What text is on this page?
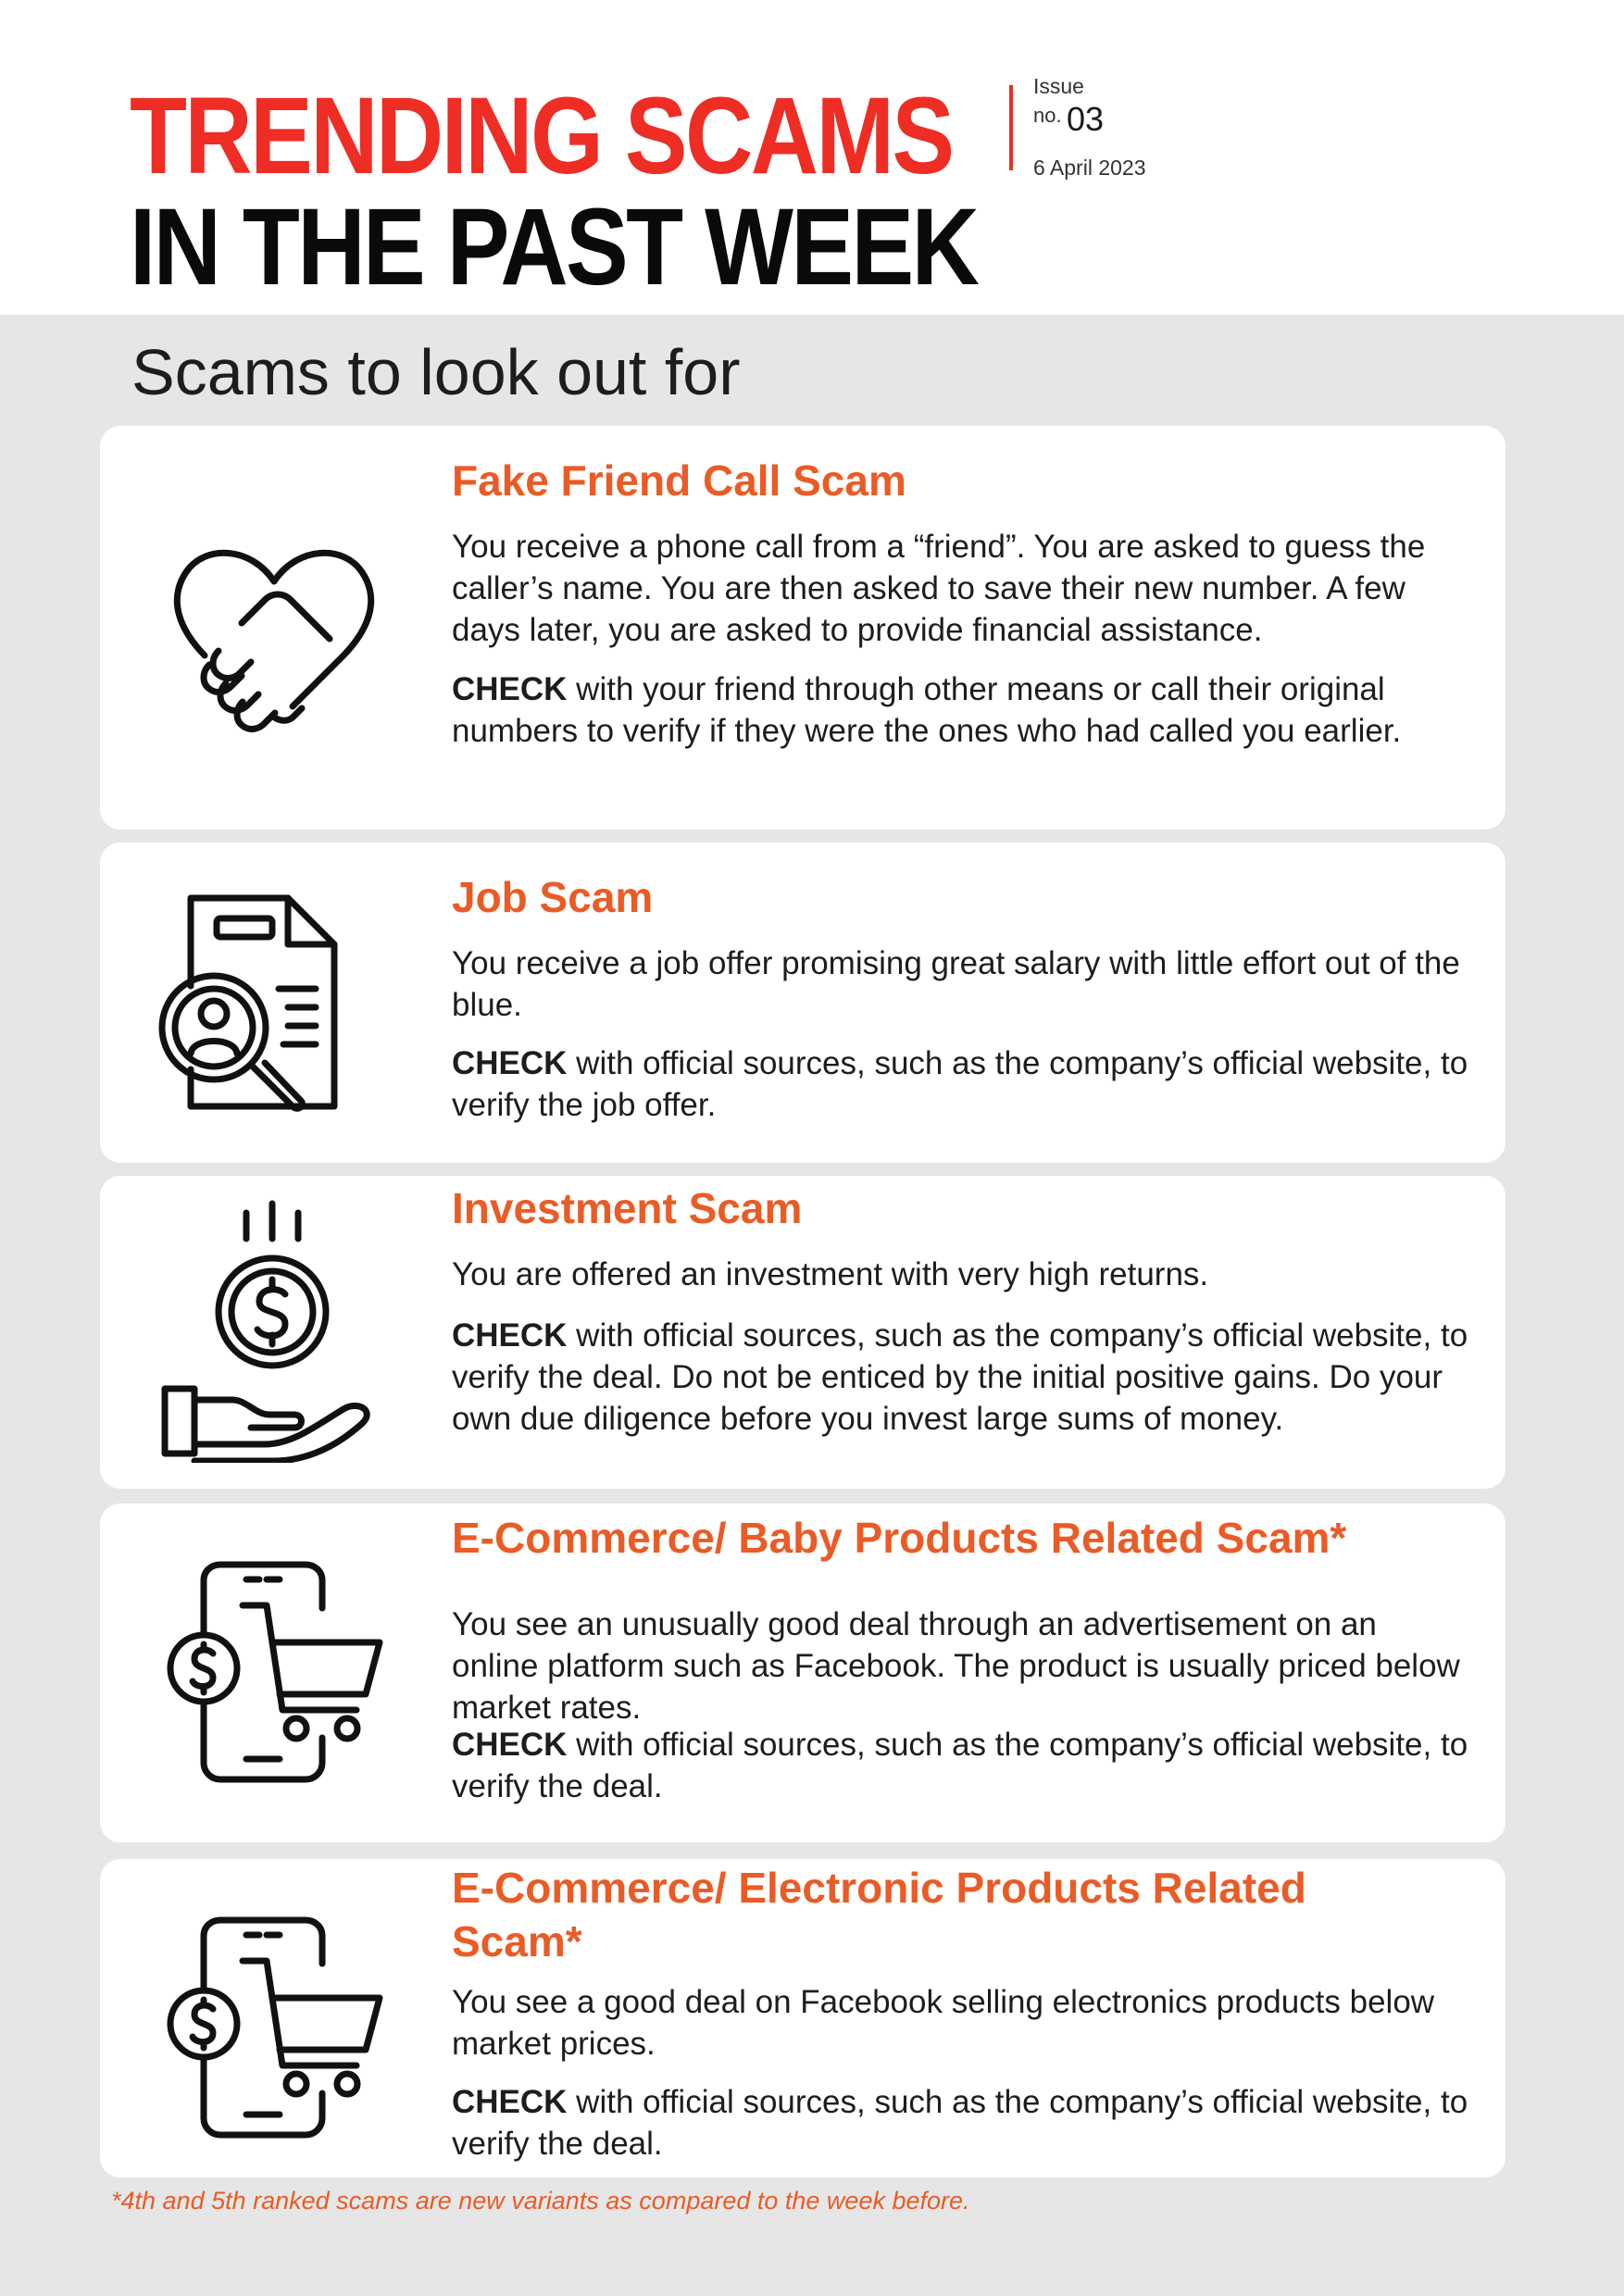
TRENDING SCAMS
IN THE PAST WEEK
Issue
no. 03
6 April 2023
Scams to look out for
Fake Friend Call Scam
You receive a phone call from a “friend”. You are asked to guess the caller’s name. You are then asked to save their new number. A few days later, you are asked to provide financial assistance.
CHECK with your friend through other means or call their original numbers to verify if they were the ones who had called you earlier.
Job Scam
You receive a job offer promising great salary with little effort out of the blue.
CHECK with official sources, such as the company’s official website, to verify the job offer.
Investment Scam
You are offered an investment with very high returns.
CHECK with official sources, such as the company’s official website, to verify the deal. Do not be enticed by the initial positive gains. Do your own due diligence before you invest large sums of money.
E-Commerce/ Baby Products Related Scam*
You see an unusually good deal through an advertisement on an online platform such as Facebook. The product is usually priced below market rates.
CHECK with official sources, such as the company’s official website, to verify the deal.
E-Commerce/ Electronic Products Related Scam*
You see a good deal on Facebook selling electronics products below market prices.
CHECK with official sources, such as the company’s official website, to verify the deal.
*4th and 5th ranked scams are new variants as compared to the week before.
